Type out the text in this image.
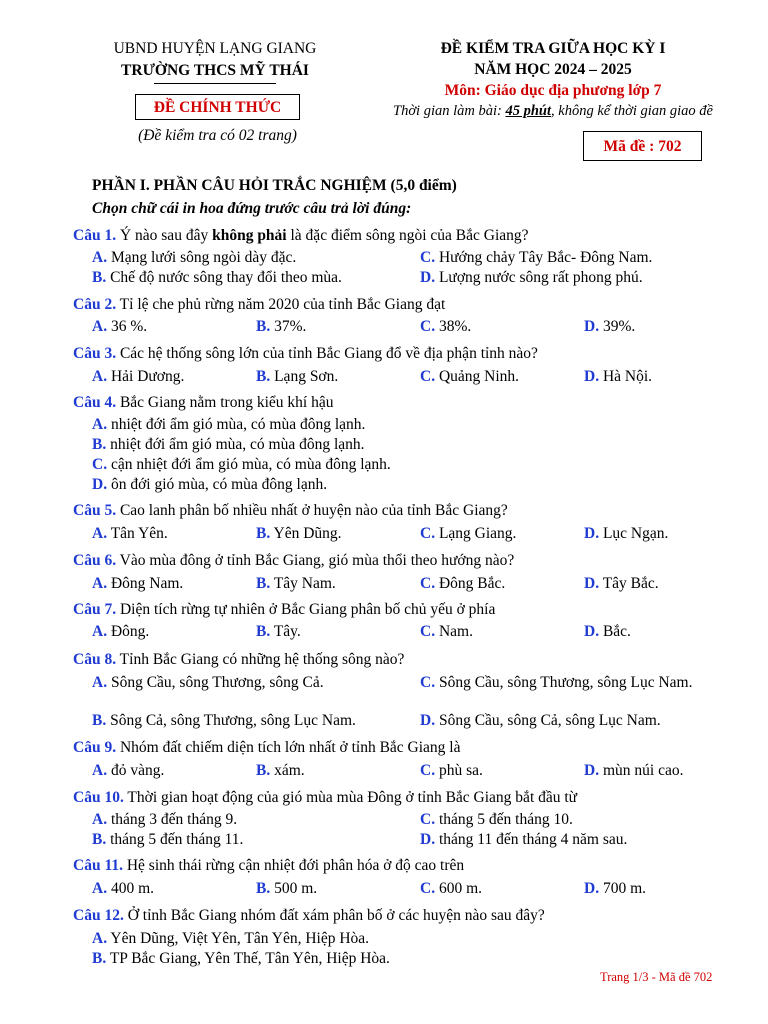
UBND HUYỆN LẠNG GIANG
TRƯỜNG THCS MỸ THÁI
ĐỀ CHÍNH THỨC
(Đề kiểm tra có 02 trang)
ĐỀ KIỂM TRA GIỮA HỌC KỲ I
NĂM HỌC 2024 – 2025
Môn: Giáo dục địa phương lớp 7
Thời gian làm bài: 45 phút, không kể thời gian giao đề
Mã đề : 702
PHẦN I. PHẦN CÂU HỎI TRẮC NGHIỆM (5,0 điểm)
Chọn chữ cái in hoa đứng trước câu trả lời đúng:
Câu 1. Ý nào sau đây không phải là đặc điểm sông ngòi của Bắc Giang?
A. Mạng lưới sông ngòi dày đặc.	C. Hướng chảy Tây Bắc- Đông Nam.
B. Chế độ nước sông thay đổi theo mùa.	D. Lượng nước sông rất phong phú.
Câu 2. Tỉ lệ che phủ rừng năm 2020 của tỉnh Bắc Giang đạt
A. 36 %.	B. 37%.	C. 38%.	D. 39%.
Câu 3. Các hệ thống sông lớn của tỉnh Bắc Giang đổ về địa phận tỉnh nào?
A. Hải Dương.	B. Lạng Sơn.	C. Quảng Ninh.	D. Hà Nội.
Câu 4. Bắc Giang nằm trong kiểu khí hậu
A. nhiệt đới ẩm gió mùa, có mùa đông lạnh.
B. nhiệt đới ẩm gió mùa, có mùa đông lạnh.
C. cận nhiệt đới ẩm gió mùa, có mùa đông lạnh.
D. ôn đới gió mùa, có mùa đông lạnh.
Câu 5. Cao lanh phân bố nhiều nhất ở huyện nào của tỉnh Bắc Giang?
A. Tân Yên.	B. Yên Dũng.	C. Lạng Giang.	D. Lục Ngạn.
Câu 6. Vào mùa đông ở tỉnh Bắc Giang, gió mùa thổi theo hướng nào?
A. Đông Nam.	B. Tây Nam.	C. Đông Bắc.	D. Tây Bắc.
Câu 7. Diện tích rừng tự nhiên ở Bắc Giang phân bố chủ yếu ở phía
A. Đông.	B. Tây.	C. Nam.	D. Bắc.
Câu 8. Tỉnh Bắc Giang có những hệ thống sông nào?
A. Sông Cầu, sông Thương, sông Cả.	C. Sông Cầu, sông Thương, sông Lục Nam.
B. Sông Cả, sông Thương, sông Lục Nam.	D. Sông Cầu, sông Cả, sông Lục Nam.
Câu 9. Nhóm đất chiếm diện tích lớn nhất ở tỉnh Bắc Giang là
A. đỏ vàng.	B. xám.	C. phù sa.	D. mùn núi cao.
Câu 10. Thời gian hoạt động của gió mùa mùa Đông ở tỉnh Bắc Giang bắt đầu từ
A. tháng 3 đến tháng 9.	C. tháng 5 đến tháng 10.
B. tháng 5 đến tháng 11.	D. tháng 11 đến tháng 4 năm sau.
Câu 11. Hệ sinh thái rừng cận nhiệt đới phân hóa ở độ cao trên
A. 400 m.	B. 500 m.	C. 600 m.	D. 700 m.
Câu 12. Ở tỉnh Bắc Giang nhóm đất xám phân bố ở các huyện nào sau đây?
A. Yên Dũng, Việt Yên, Tân Yên, Hiệp Hòa.
B. TP Bắc Giang, Yên Thế, Tân Yên, Hiệp Hòa.
Trang 1/3 - Mã đề 702
